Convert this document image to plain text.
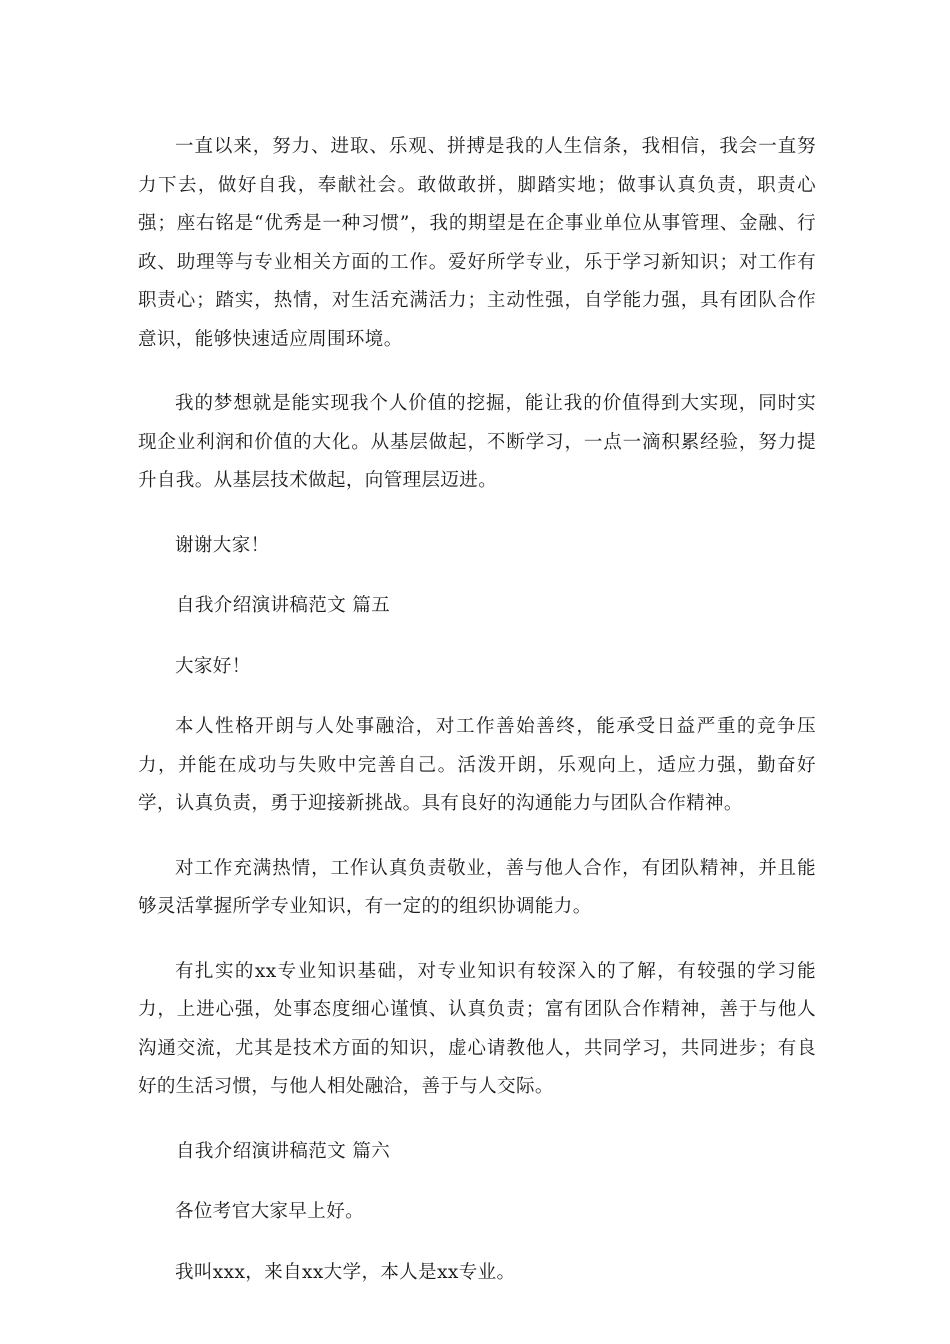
一直以来，努力、进取、乐观、拼搏是我的人生信条，我相信，我会一直努力下去，做好自我，奉献社会。敢做敢拼，脚踏实地；做事认真负责，职责心强；座右铭是“优秀是一种习惯”，我的期望是在企事业单位从事管理、金融、行政、助理等与专业相关方面的工作。爱好所学专业，乐于学习新知识；对工作有职责心；踏实，热情，对生活充满活力；主动性强，自学能力强，具有团队合作意识，能够快速适应周围环境。

我的梦想就是能实现我个人价值的挖掘，能让我的价值得到大实现，同时实现企业利润和价值的大化。从基层做起，不断学习，一点一滴积累经验，努力提升自我。从基层技术做起，向管理层迈进。

谢谢大家！

自我介绍演讲稿范文 篇五

大家好！

本人性格开朗与人处事融洽，对工作善始善终，能承受日益严重的竞争压力，并能在成功与失败中完善自己。活泼开朗，乐观向上，适应力强，勤奋好学，认真负责，勇于迎接新挑战。具有良好的沟通能力与团队合作精神。

对工作充满热情，工作认真负责敬业，善与他人合作，有团队精神，并且能够灵活掌握所学专业知识，有一定的的组织协调能力。

有扎实的xx专业知识基础，对专业知识有较深入的了解，有较强的学习能力，上进心强，处事态度细心谨慎、认真负责；富有团队合作精神，善于与他人沟通交流，尤其是技术方面的知识，虚心请教他人，共同学习，共同进步；有良好的生活习惯，与他人相处融洽，善于与人交际。

自我介绍演讲稿范文 篇六

各位考官大家早上好。

我叫xxx，来自xx大学，本人是xx专业。
